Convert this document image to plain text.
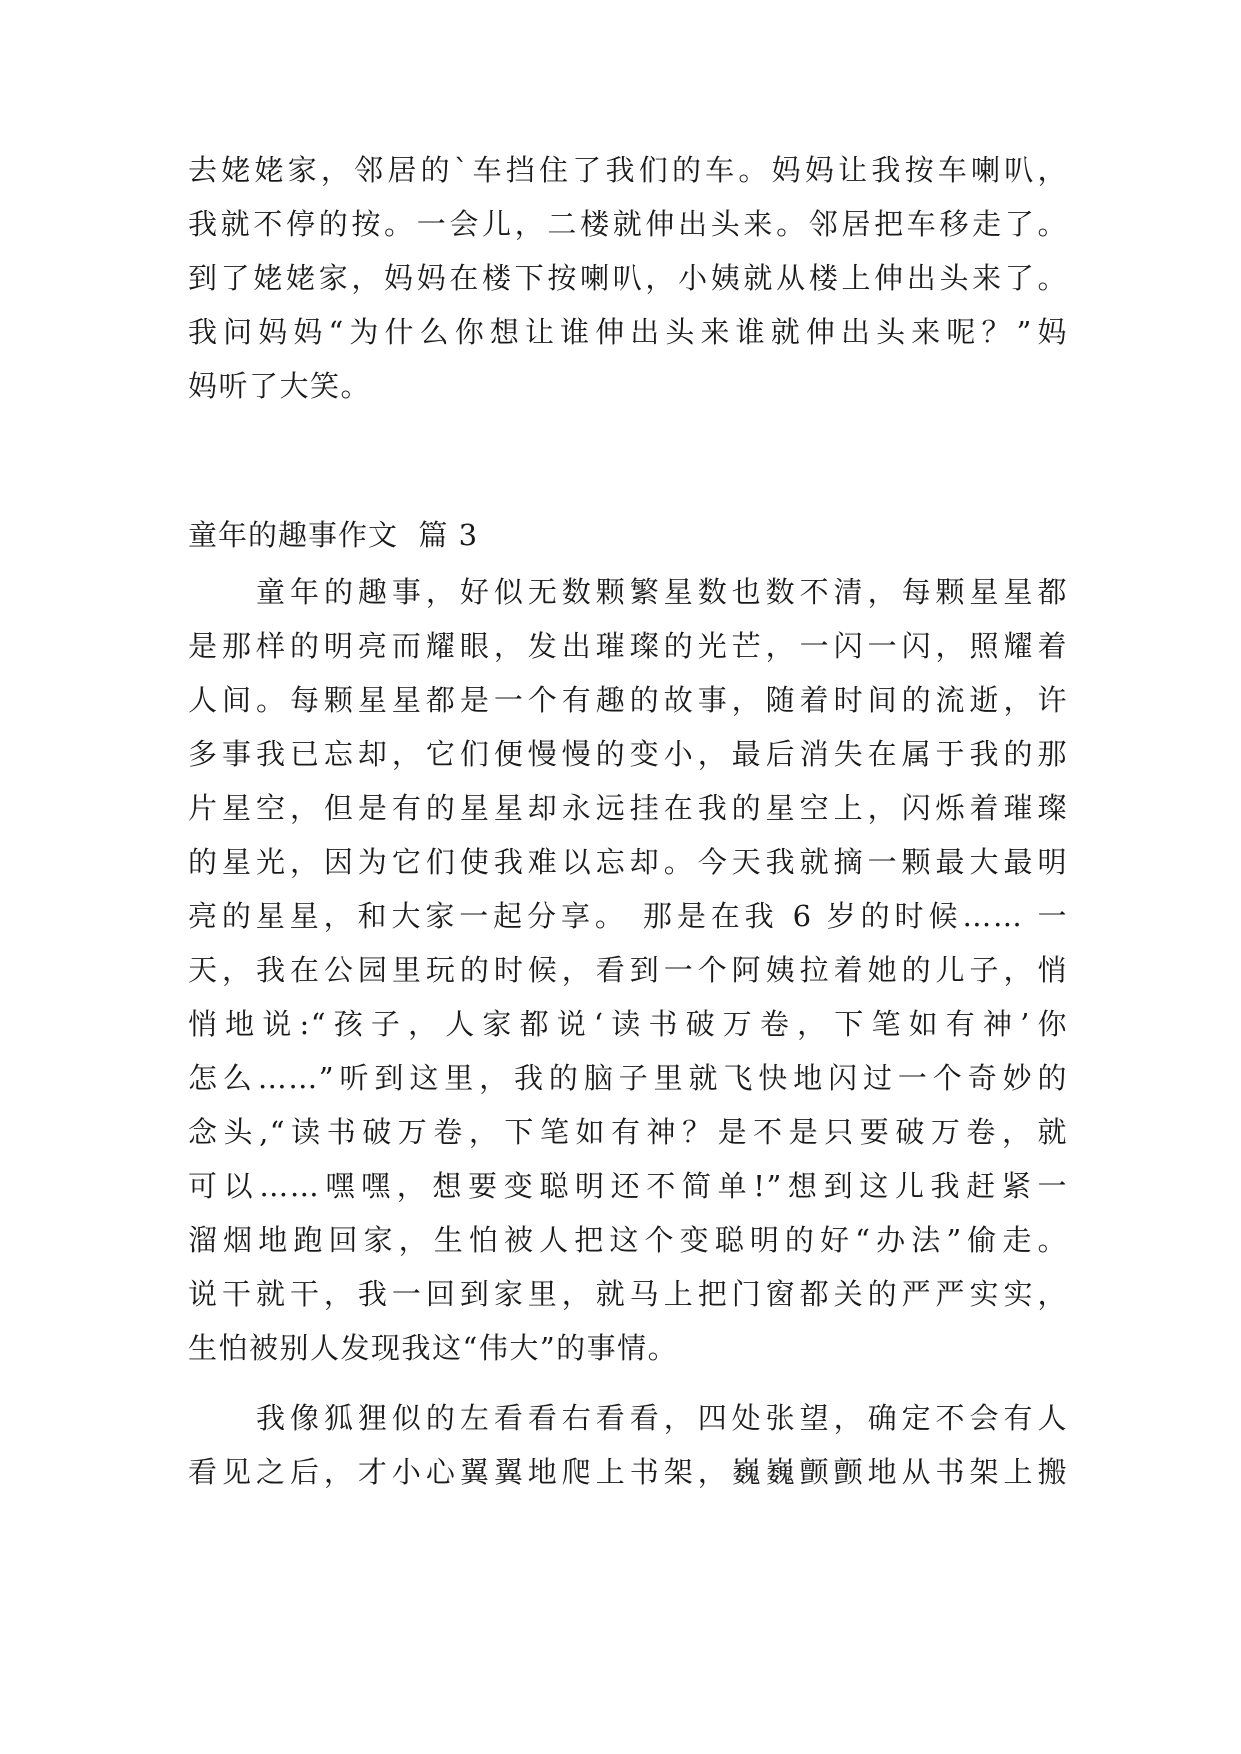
去姥姥家，邻居的`车挡住了我们的车。妈妈让我按车喇叭，
我就不停的按。一会儿，二楼就伸出头来。邻居把车移走了。
到了姥姥家，妈妈在楼下按喇叭，小姨就从楼上伸出头来了。
我问妈妈“为什么你想让谁伸出头来谁就伸出头来呢？”妈
妈听了大笑。
童年的趣事作文  篇 3
童年的趣事，好似无数颗繁星数也数不清，每颗星星都
是那样的明亮而耀眼，发出璀璨的光芒，一闪一闪，照耀着
人间。每颗星星都是一个有趣的故事，随着时间的流逝，许
多事我已忘却，它们便慢慢的变小，最后消失在属于我的那
片星空，但是有的星星却永远挂在我的星空上，闪烁着璀璨
的星光，因为它们使我难以忘却。今天我就摘一颗最大最明
亮的星星，和大家一起分享。 那是在我 6 岁的时候…… 一
天，我在公园里玩的时候，看到一个阿姨拉着她的儿子，悄
悄地说:“孩子，人家都说‘读书破万卷，下笔如有神’你
怎么……”听到这里，我的脑子里就飞快地闪过一个奇妙的
念头,“读书破万卷，下笔如有神？是不是只要破万卷，就
可以……嘿嘿，想要变聪明还不简单!”想到这儿我赶紧一
溜烟地跑回家，生怕被人把这个变聪明的好“办法”偷走。
说干就干，我一回到家里，就马上把门窗都关的严严实实，
生怕被别人发现我这“伟大”的事情。
我像狐狸似的左看看右看看，四处张望，确定不会有人
看见之后，才小心翼翼地爬上书架，巍巍颤颤地从书架上搬
